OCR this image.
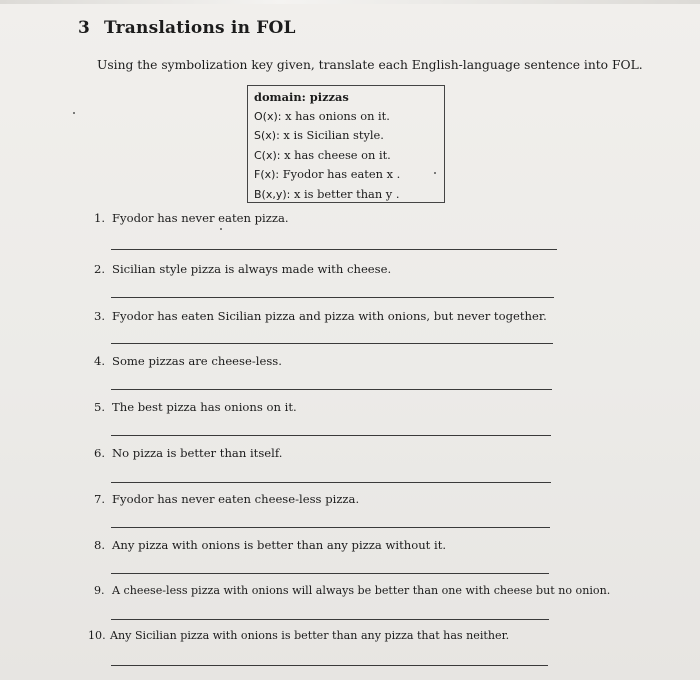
3 Translations in FOL
Using the symbolization key given, translate each English-language sentence into FOL.
domain: pizzas
O(x): x has onions on it.
S(x): x is Sicilian style.
C(x): x has cheese on it.
F(x): Fyodor has eaten x .
B(x,y): x is better than y .
1. Fyodor has never eaten pizza.
2. Sicilian style pizza is always made with cheese.
3. Fyodor has eaten Sicilian pizza and pizza with onions, but never together.
4. Some pizzas are cheese-less.
5. The best pizza has onions on it.
6. No pizza is better than itself.
7. Fyodor has never eaten cheese-less pizza.
8. Any pizza with onions is better than any pizza without it.
9. A cheese-less pizza with onions will always be better than one with cheese but no onion.
10. Any Sicilian pizza with onions is better than any pizza that has neither.
